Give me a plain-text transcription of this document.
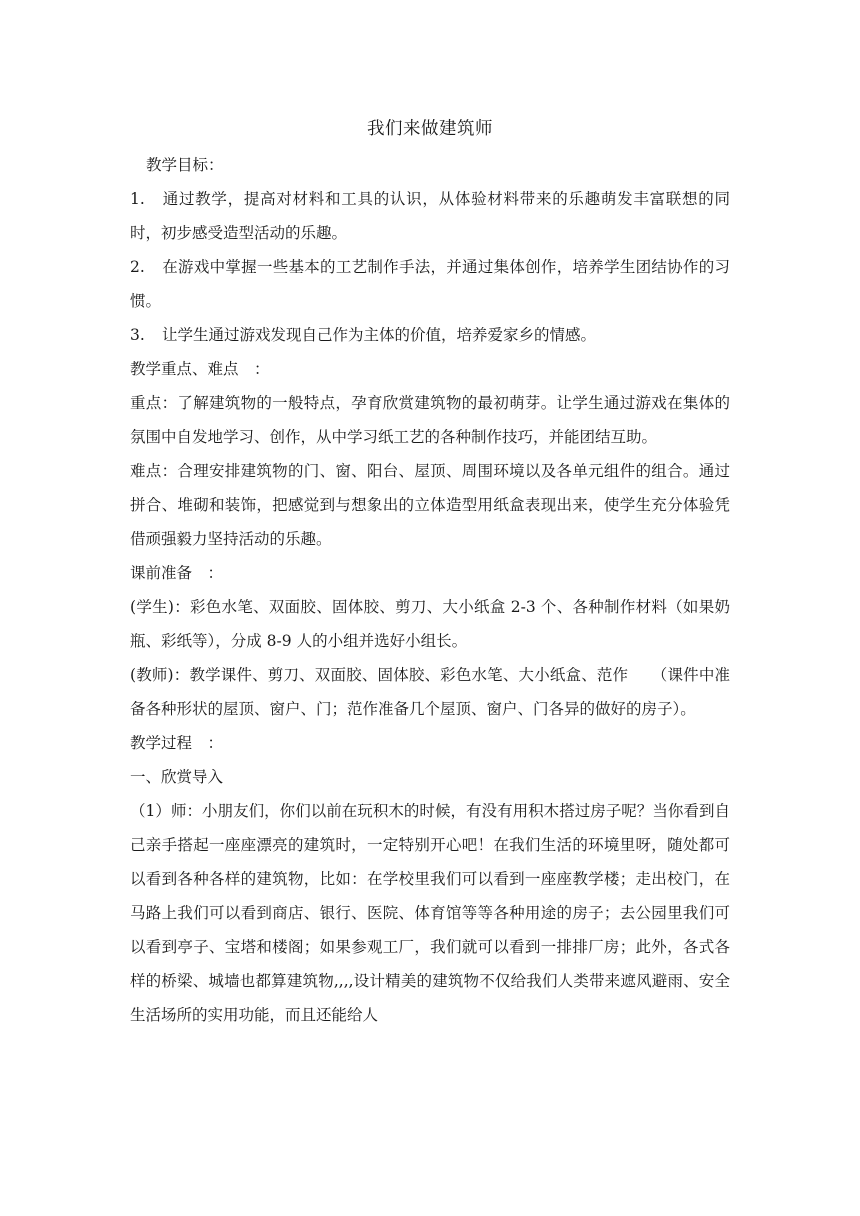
我们来做建筑师

教学目标：

1. 通过教学，提高对材料和工具的认识，从体验材料带来的乐趣萌发丰富联想的同时，初步感受造型活动的乐趣。

2. 在游戏中掌握一些基本的工艺制作手法，并通过集体创作，培养学生团结协作的习惯。

3. 让学生通过游戏发现自己作为主体的价值，培养爱家乡的情感。

教学重点、难点　：

重点：了解建筑物的一般特点，孕育欣赏建筑物的最初萌芽。让学生通过游戏在集体的氛围中自发地学习、创作，从中学习纸工艺的各种制作技巧，并能团结互助。

难点：合理安排建筑物的门、窗、阳台、屋顶、周围环境以及各单元组件的组合。通过拼合、堆砌和装饰，把感觉到与想象出的立体造型用纸盒表现出来，使学生充分体验凭借顽强毅力坚持活动的乐趣。

课前准备　：

(学生)：彩色水笔、双面胶、固体胶、剪刀、大小纸盒 2-3 个、各种制作材料（如果奶瓶、彩纸等），分成 8-9 人的小组并选好小组长。

(教师)：教学课件、剪刀、双面胶、固体胶、彩色水笔、大小纸盒、范作　　（课件中准备各种形状的屋顶、窗户、门；范作准备几个屋顶、窗户、门各异的做好的房子）。

教学过程　：

一、欣赏导入

（1）师：小朋友们，你们以前在玩积木的时候，有没有用积木搭过房子呢？当你看到自己亲手搭起一座座漂亮的建筑时，一定特别开心吧！在我们生活的环境里呀，随处都可以看到各种各样的建筑物，比如：在学校里我们可以看到一座座教学楼；走出校门，在马路上我们可以看到商店、银行、医院、体育馆等等各种用途的房子；去公园里我们可以看到亭子、宝塔和楼阁；如果参观工厂，我们就可以看到一排排厂房；此外，各式各样的桥梁、城墙也都算建筑物,,,,设计精美的建筑物不仅给我们人类带来遮风避雨、安全生活场所的实用功能，而且还能给人
